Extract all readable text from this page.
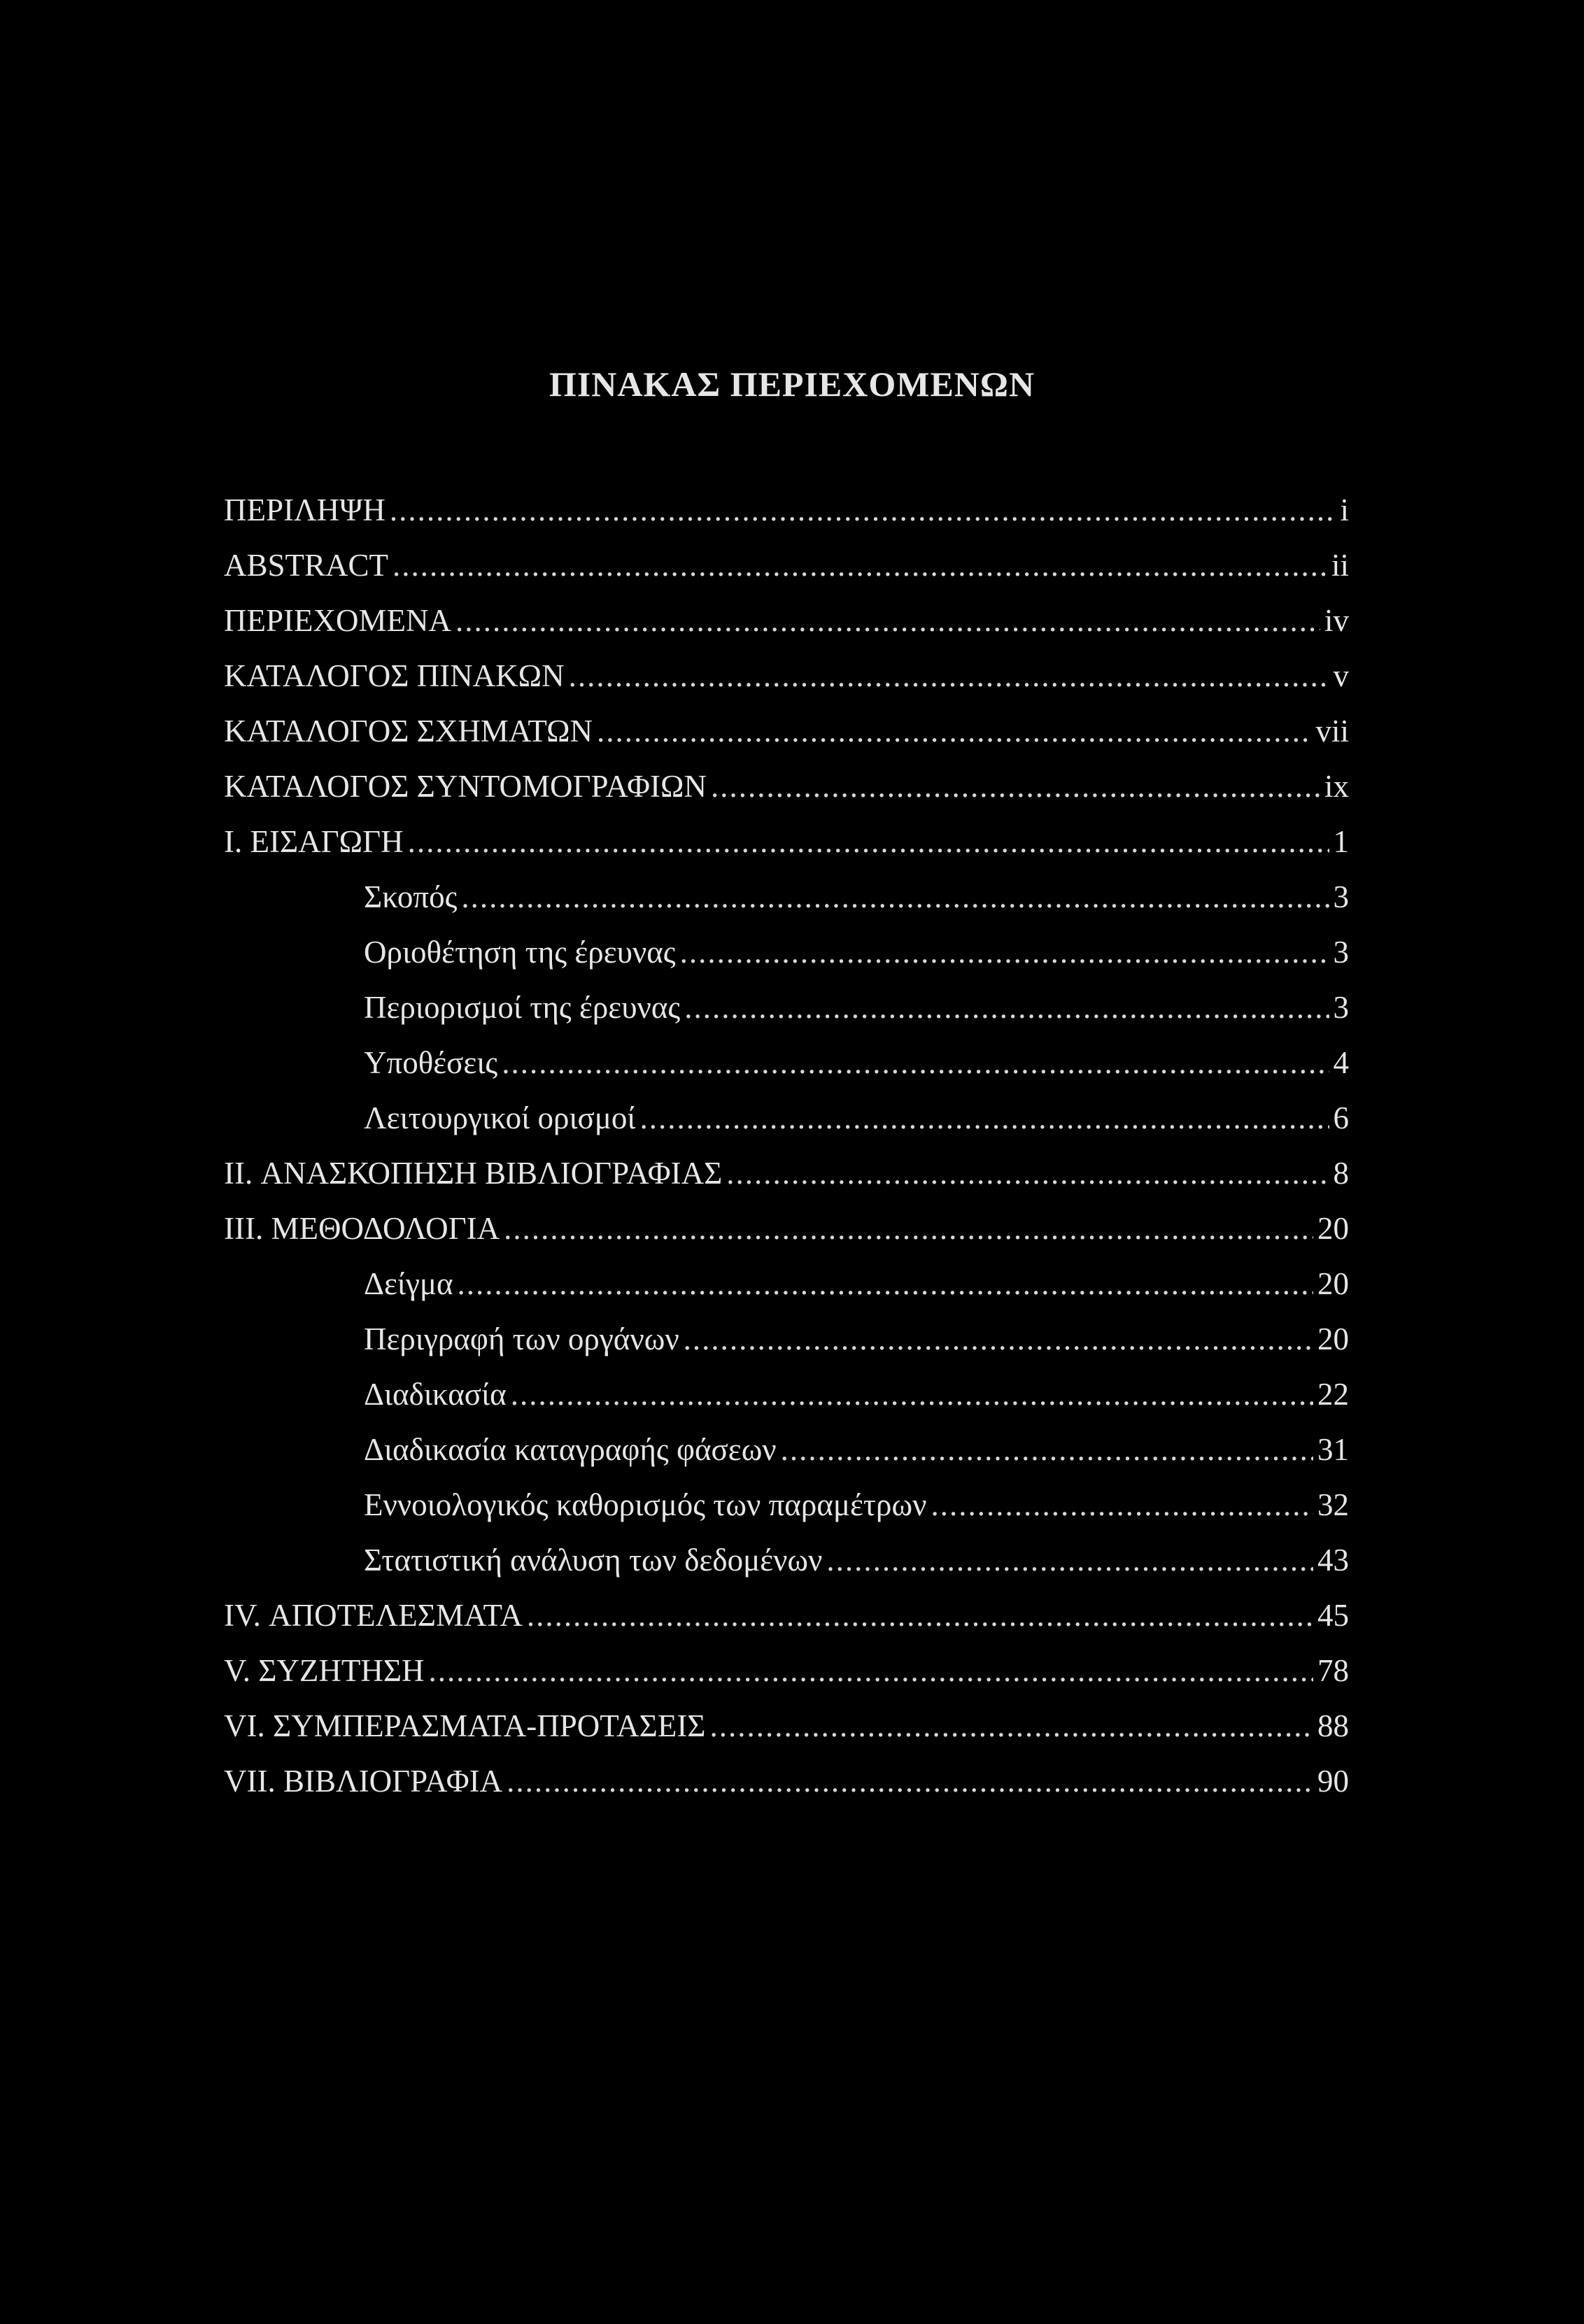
ΠΙΝΑΚΑΣ ΠΕΡΙΕΧΟΜΕΝΩΝ
ΠΕΡΙΛΗΨΗ .....	i
ABSTRACT .....	ii
ΠΕΡΙΕΧΟΜΕΝΑ .....	iv
ΚΑΤΑΛΟΓΟΣ ΠΙΝΑΚΩΝ .....	v
ΚΑΤΑΛΟΓΟΣ ΣΧΗΜΑΤΩΝ .....	vii
ΚΑΤΑΛΟΓΟΣ ΣΥΝΤΟΜΟΓΡΑΦΙΩΝ .....	ix
I. ΕΙΣΑΓΩΓΗ .....	1
Σκοπός .....	3
Οριοθέτηση της έρευνας .....	3
Περιορισμοί της έρευνας .....	3
Υποθέσεις .....	4
Λειτουργικοί ορισμοί .....	6
II. ΑΝΑΣΚΟΠΗΣΗ ΒΙΒΛΙΟΓΡΑΦΙΑΣ .....	8
III. ΜΕΘΟΔΟΛΟΓΙΑ .....	20
Δείγμα .....	20
Περιγραφή των οργάνων .....	20
Διαδικασία .....	22
Διαδικασία καταγραφής φάσεων .....	31
Εννοιολογικός καθορισμός των παραμέτρων .....	32
Στατιστική ανάλυση των δεδομένων .....	43
IV. ΑΠΟΤΕΛΕΣΜΑΤΑ .....	45
V. ΣΥΖΗΤΗΣΗ .....	78
VI. ΣΥΜΠΕΡΑΣΜΑΤΑ-ΠΡΟΤΑΣΕΙΣ .....	88
VII. ΒΙΒΛΙΟΓΡΑΦΙΑ .....	90
